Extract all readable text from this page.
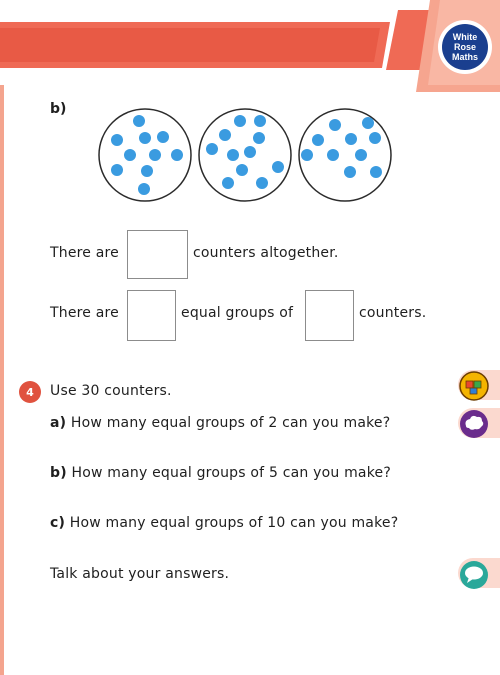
White
Rose
Maths
b)
There are	counters altogether.
There are	equal groups of	counters.
4	Use 30 counters.
a) How many equal groups of 2 can you make?
b) How many equal groups of 5 can you make?
c) How many equal groups of 10 can you make?
Talk about your answers.
